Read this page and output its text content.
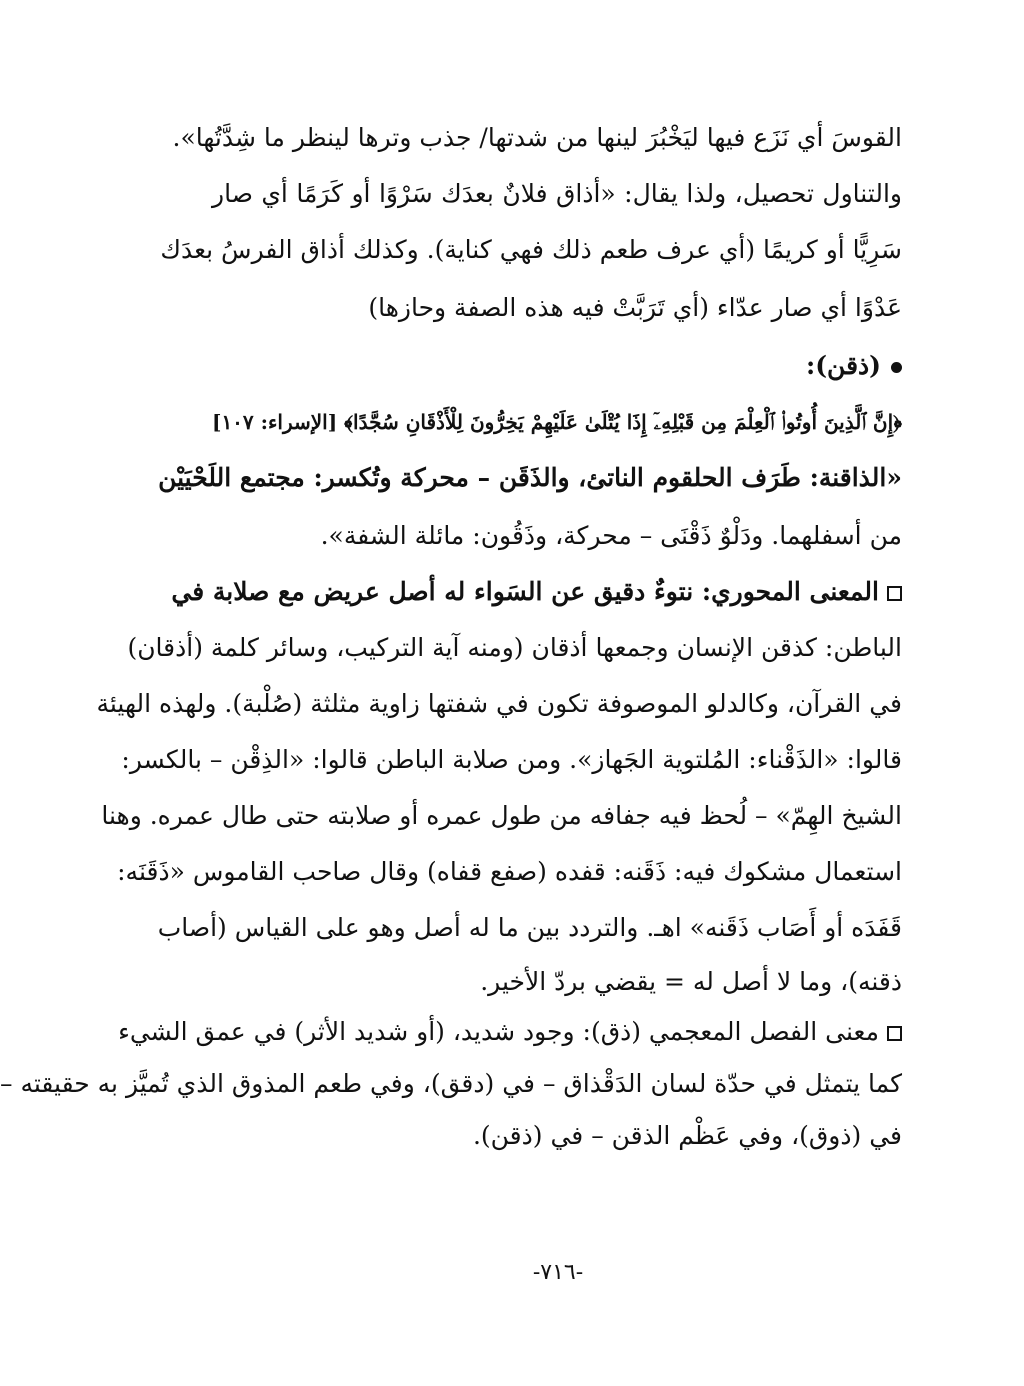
القوسَ أي نَزَع فيها ليَخْبُرَ لينها من شدتها/ جذب وترها لينظر ما شِدَّتُها».
والتناول تحصيل، ولذا يقال: «أذاق فلانٌ بعدَك سَرْوًا أو كَرَمًا أي صار
سَرِيًّا أو كريمًا (أي عرف طعم ذلك فهي كناية). وكذلك أذاق الفرسُ بعدَك
عَدْوًا أي صار عدّاء (أي تَرَبَّتْ فيه هذه الصفة وحازها)
(ذقن):
﴿إِنَّ ٱلَّذِينَ أُوتُوا۟ ٱلْعِلْمَ مِن قَبْلِهِۦٓ إِذَا يُتْلَىٰ عَلَيْهِمْ يَخِرُّونَ لِلْأَذْقَانِ سُجَّدًا﴾ [الإسراء: ١٠٧]
«الذاقنة: طَرَف الحلقوم الناتئ، والذَقَن – محركة وتُكسر: مجتمع اللَحْيَيْن
من أسفلهما. ودَلْوٌ ذَقْنَى – محركة، وذَقُون: مائلة الشفة».
المعنى المحوري: نتوءٌ دقيق عن السَواء له أصل عريض مع صلابة في
الباطن: كذقن الإنسان وجمعها أذقان (ومنه آية التركيب، وسائر كلمة (أذقان)
في القرآن، وكالدلو الموصوفة تكون في شفتها زاوية مثلثة (صُلْبة). ولهذه الهيئة
قالوا: «الذَقْناء: المُلتوية الجَهاز». ومن صلابة الباطن قالوا: «الذِقْن – بالكسر:
الشيخ الهِمّ» – لُحظ فيه جفافه من طول عمره أو صلابته حتى طال عمره. وهنا
استعمال مشكوك فيه: ذَقَنه: قفده (صفع قفاه) وقال صاحب القاموس «ذَقَنَه:
قَفَدَه أو أَصَاب ذَقَنه» اهـ. والتردد بين ما له أصل وهو على القياس (أصاب
ذقنه)، وما لا أصل له = يقضي بردّ الأخير.
معنى الفصل المعجمي (ذق): وجود شديد، (أو شديد الأثر) في عمق الشيء
كما يتمثل في حدّة لسان الدَقْذاق – في (دقق)، وفي طعم المذوق الذي تُميَّز به حقيقته –
في (ذوق)، وفي عَظْم الذقن – في (ذقن).
-٧١٦-
